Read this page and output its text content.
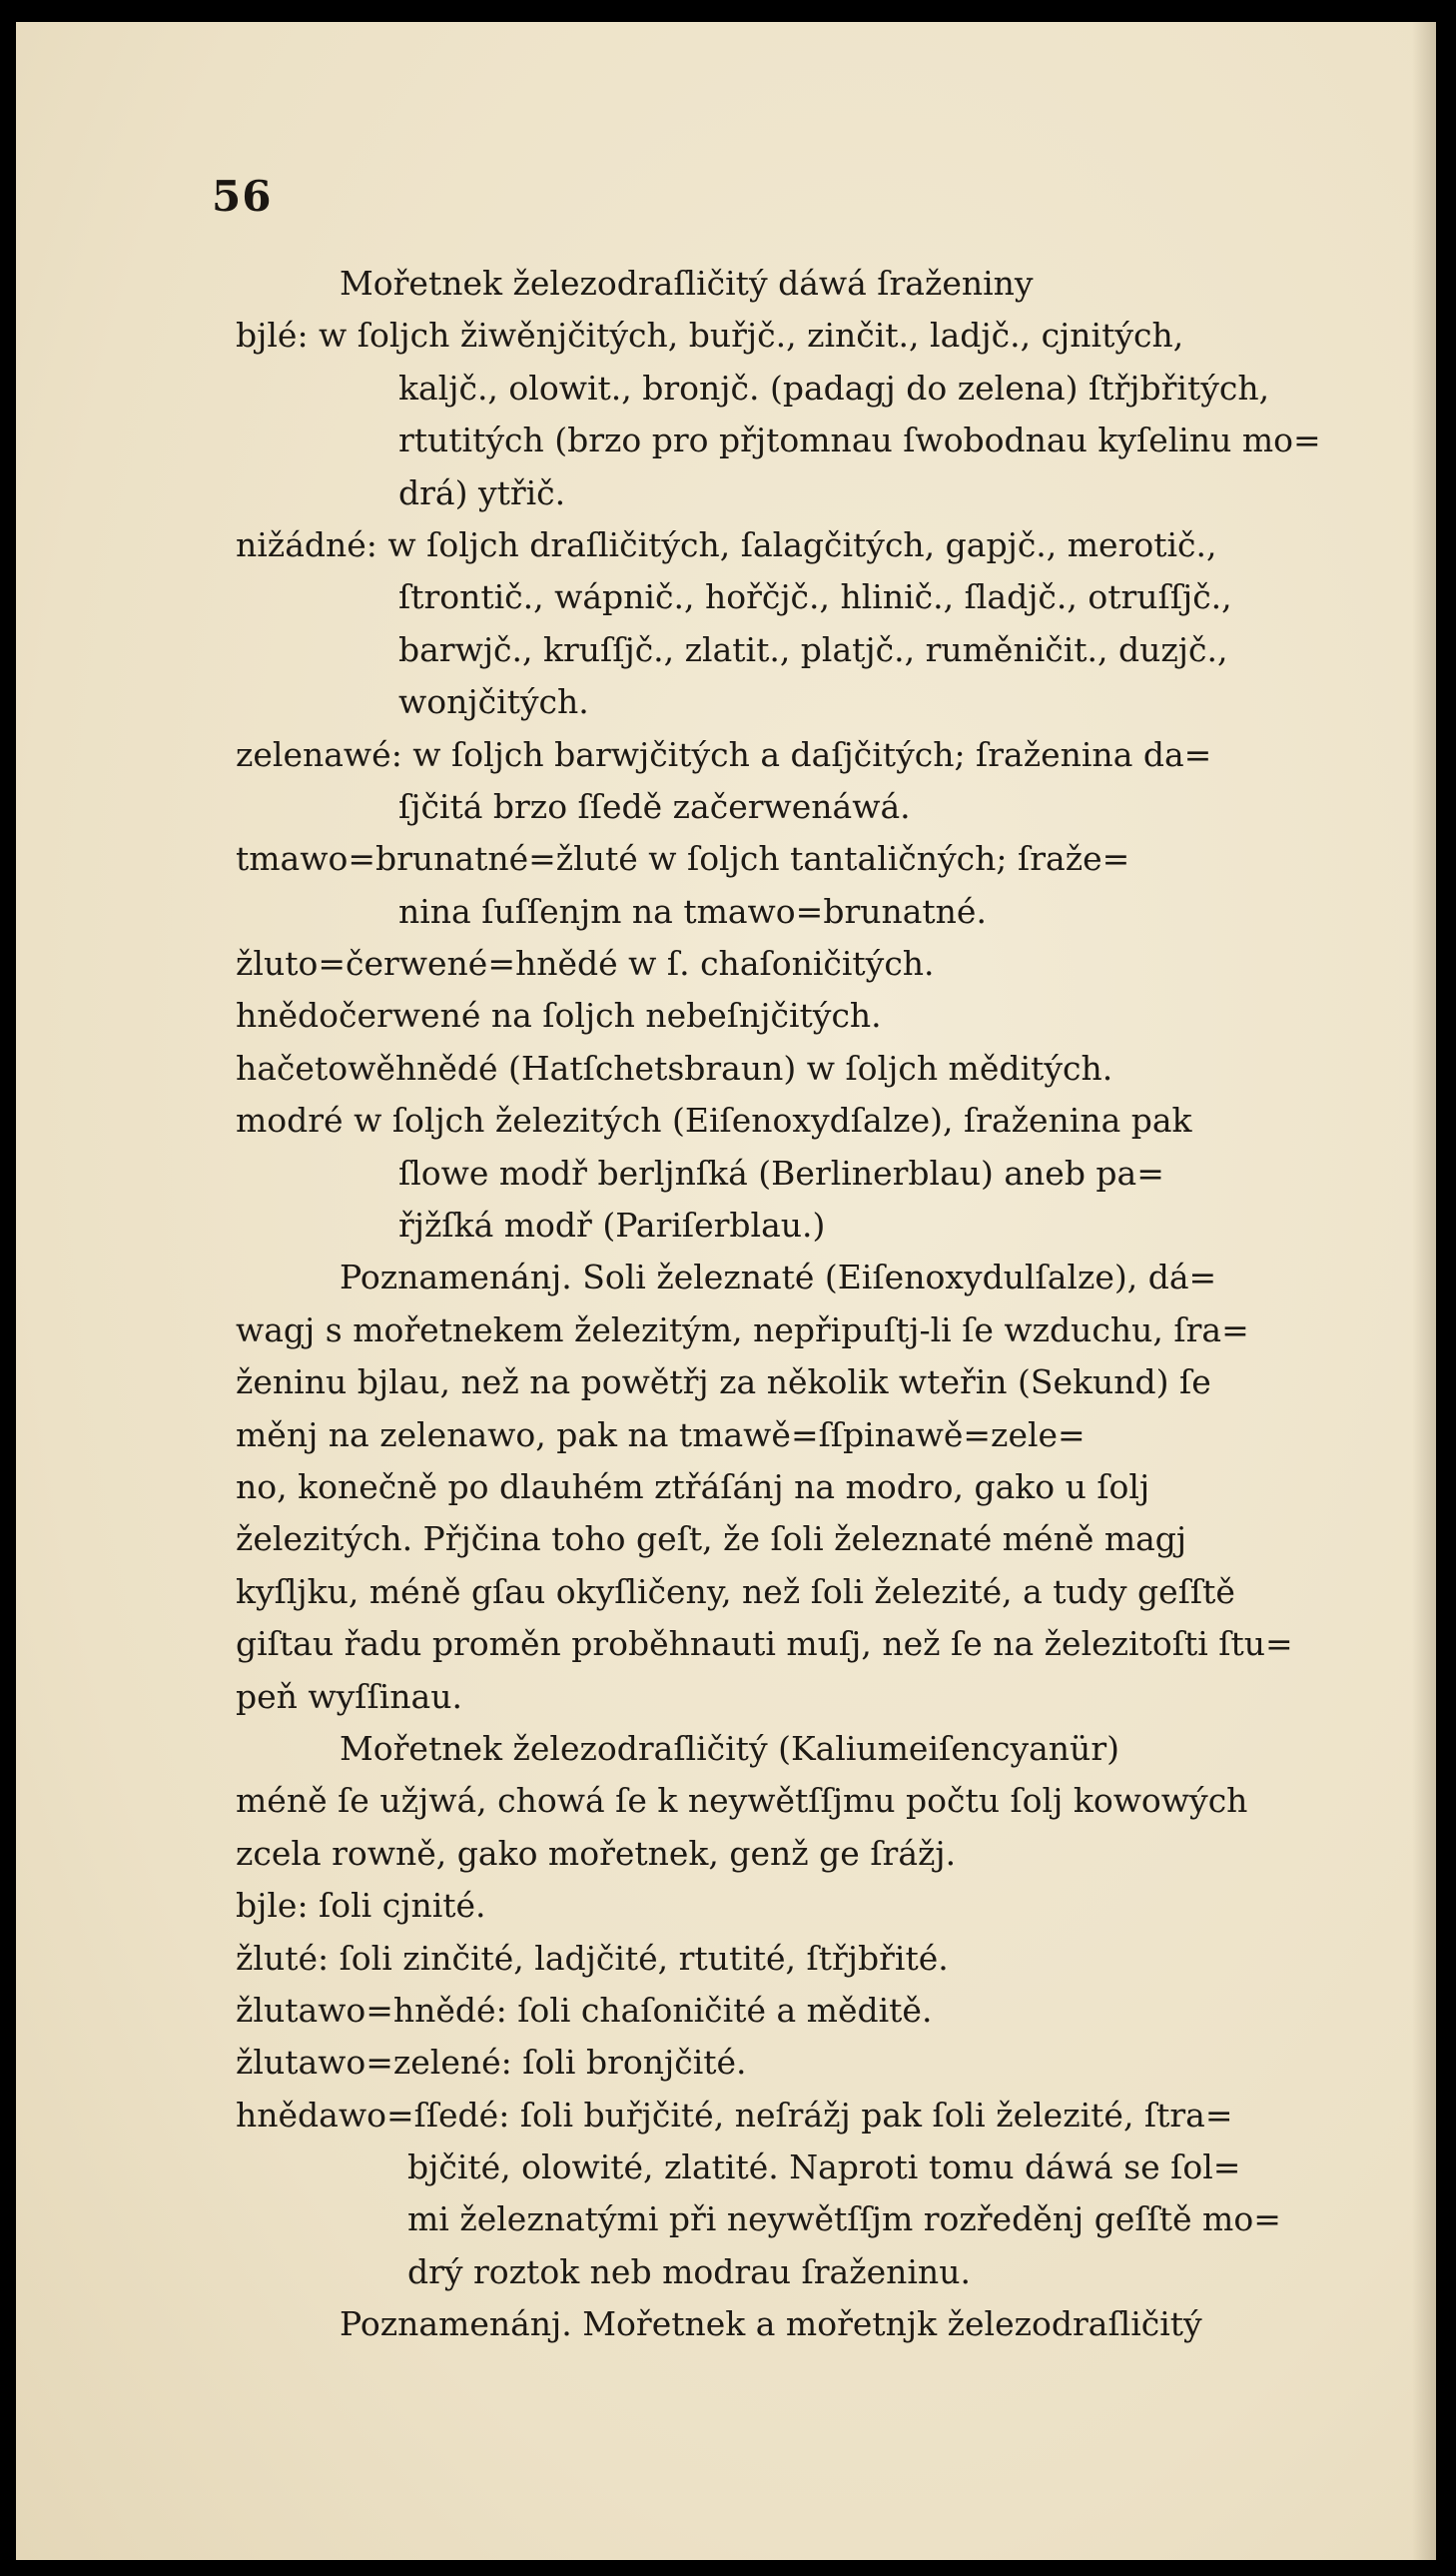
56
Mořetnek železodraſličitý dáwá ſraženiny
bjlé: w ſoljch žiwěnjčitých, buřjč., zinčit., ladjč., cjnitých,
kaljč., olowit., bronjč. (padagj do zelena) ſtřjbřitých,
rtutitých (brzo pro přjtomnau ſwobodnau kyſelinu mo=
drá) ytřič.
nižádné: w ſoljch draſličitých, ſalagčitých, gapjč., merotič.,
ſtrontič., wápnič., hořčjč., hlinič., ſladjč., otruſſjč.,
barwjč., kruſſjč., zlatit., platjč., ruměničit., duzjč.,
wonjčitých.
zelenawé: w ſoljch barwjčitých a daſjčitých; ſraženina da=
ſjčitá brzo ſſedě začerwenáwá.
tmawo=brunatné=žluté w ſoljch tantaličných; ſraže=
nina ſuſſenjm na tmawo=brunatné.
žluto=čerwené=hnědé w ſ. chaſoničitých.
hnědočerwené na ſoljch nebeſnjčitých.
hačetowěhnědé (Hatſchetsbraun) w ſoljch měditých.
modré w ſoljch železitých (Eiſenoxydſalze), ſraženina pak
ſlowe modř berljnſká (Berlinerblau) aneb pa=
řjžſká modř (Pariſerblau.)
Poznamenánj. Soli železnaté (Eiſenoxydulſalze), dá=
wagj s mořetnekem železitým, nepřipuſtj-li ſe wzduchu, ſra=
ženinu bjlau, než na powětřj za několik wteřin (Sekund) ſe
měnj na zelenawo, pak na tmawě=ſſpinawě=zele=
no, konečně po dlauhém ztřáſánj na modro, gako u ſolj
železitých. Přjčina toho geſt, že ſoli železnaté méně magj
kyſljku, méně gſau okyſličeny, než ſoli železité, a tudy geſſtě
giſtau řadu proměn proběhnauti muſj, než ſe na železitoſti ſtu=
peň wyſſinau.
Mořetnek železodraſličitý (Kaliumeiſencyanür)
méně ſe užjwá, chowá ſe k neywětſſjmu počtu ſolj kowowých
zcela rowně, gako mořetnek, genž ge ſrážj.
bjle: ſoli cjnité.
žluté: ſoli zinčité, ladjčité, rtutité, ſtřjbřité.
žlutawo=hnědé: ſoli chaſoničité a měditě.
žlutawo=zelené: ſoli bronjčité.
hnědawo=ſſedé: ſoli buřjčité, neſrážj pak ſoli železité, ſtra=
bjčité, olowité, zlatité. Naproti tomu dáwá se ſol=
mi železnatými při neywětſſjm rozředěnj geſſtě mo=
drý roztok neb modrau ſraženinu.
Poznamenánj. Mořetnek a mořetnjk železodraſličitý
